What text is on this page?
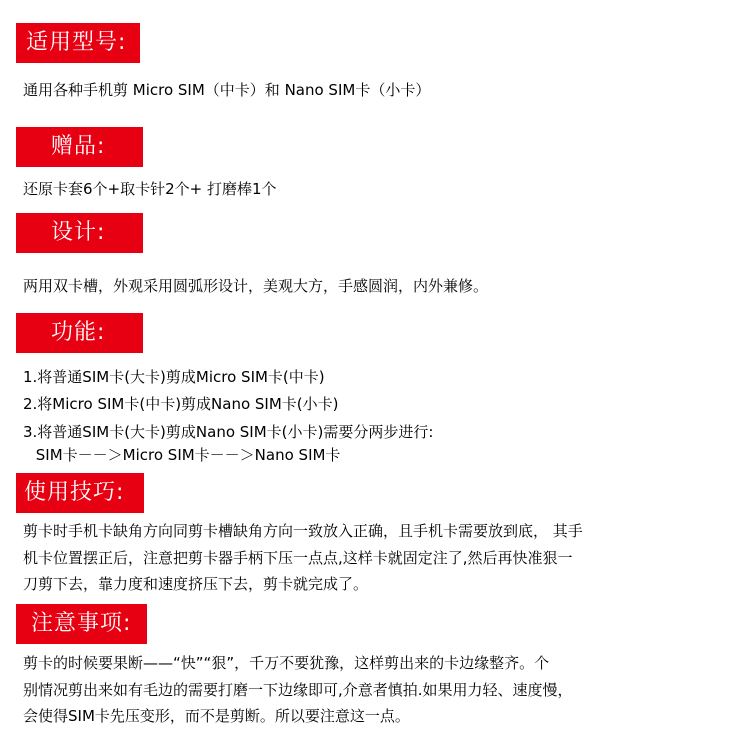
适用型号:
通用各种手机剪 Micro SIM（中卡）和 Nano SIM卡（小卡）
赠品:
还原卡套6个+取卡针2个+ 打磨棒1个
设计:
两用双卡槽，外观采用圆弧形设计，美观大方，手感圆润，内外兼修。
功能:
1.将普通SIM卡(大卡)剪成Micro SIM卡(中卡)
2.将Micro SIM卡(中卡)剪成Nano SIM卡(小卡)
3.将普通SIM卡(大卡)剪成Nano SIM卡(小卡)需要分两步进行:
SIM卡－－＞Micro SIM卡－－＞Nano SIM卡
使用技巧:
剪卡时手机卡缺角方向同剪卡槽缺角方向一致放入正确，且手机卡需要放到底， 其手
机卡位置摆正后，注意把剪卡器手柄下压一点点,这样卡就固定注了,然后再快准狠一
刀剪下去，靠力度和速度挤压下去，剪卡就完成了。
注意事项:
剪卡的时候要果断——“快”“狠”，千万不要犹豫，这样剪出来的卡边缘整齐。个
别情况剪出来如有毛边的需要打磨一下边缘即可,介意者慎拍.如果用力轻、速度慢，
会使得SIM卡先压变形，而不是剪断。所以要注意这一点。
